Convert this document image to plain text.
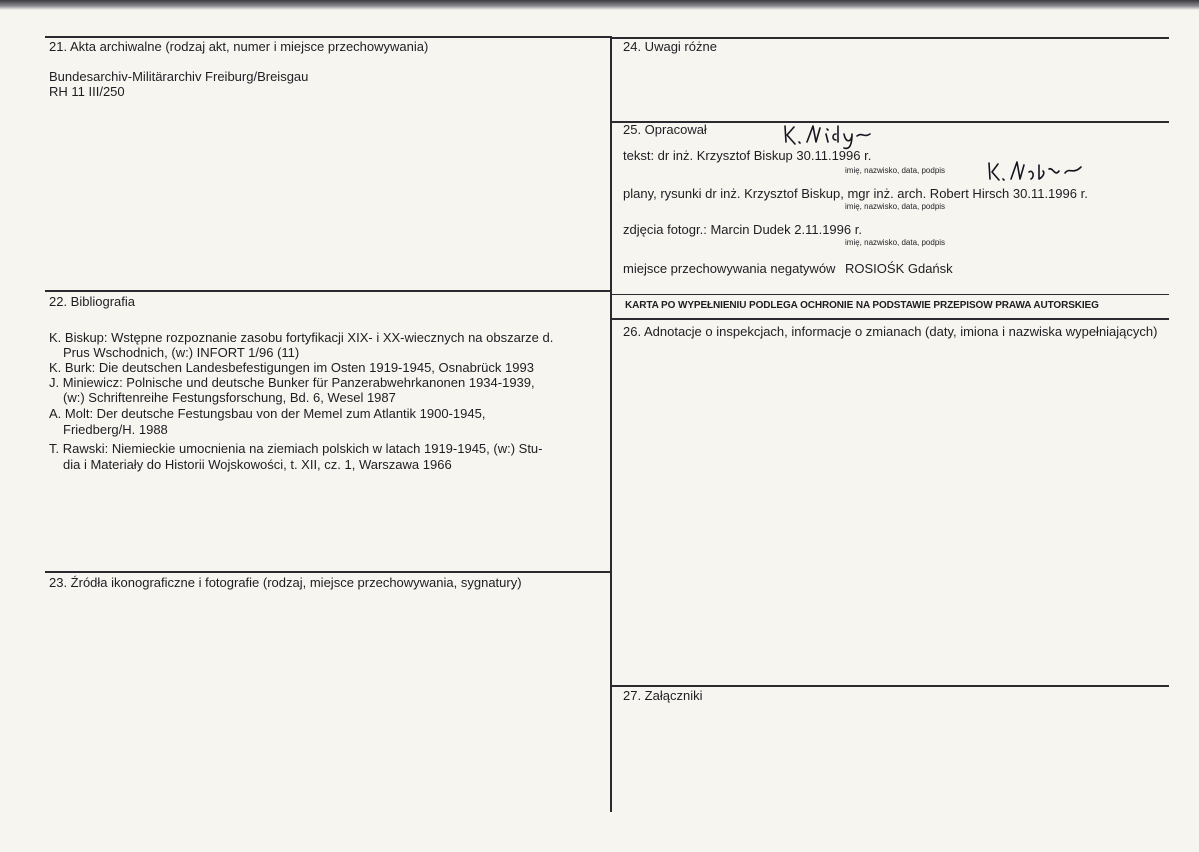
21. Akta archiwalne (rodzaj akt, numer i miejsce przechowywania)
Bundesarchiv-Militärarchiv Freiburg/Breisgau
RH 11 III/250
22. Bibliografia
K. Biskup: Wstępne rozpoznanie zasobu fortyfikacji XIX- i XX-wiecznych na obszarze d.
Prus Wschodnich, (w:) INFORT 1/96 (11)
K. Burk: Die deutschen Landesbefestigungen im Osten 1919-1945, Osnabrück 1993
J. Miniewicz: Polnische und deutsche Bunker für Panzerabwehrkanonen 1934-1939,
(w:) Schriftenreihe Festungsforschung, Bd. 6, Wesel 1987
A. Molt: Der deutsche Festungsbau von der Memel zum Atlantik 1900-1945,
Friedberg/H. 1988
T. Rawski: Niemieckie umocnienia na ziemiach polskich w latach 1919-1945, (w:) Stu-
dia i Materiały do Historii Wojskowości, t. XII, cz. 1, Warszawa 1966
23. Źródła ikonograficzne i fotografie (rodzaj, miejsce przechowywania, sygnatury)
24. Uwagi różne
25. Opracował
tekst: dr inż. Krzysztof Biskup 30.11.1996 r.
imię, nazwisko, data, podpis
plany, rysunki dr inż. Krzysztof Biskup, mgr inż. arch. Robert Hirsch 30.11.1996 r.
imię, nazwisko, data, podpis
zdjęcia fotogr.: Marcin Dudek 2.11.1996 r.
imię, nazwisko, data, podpis
miejsce przechowywania negatywów ROSIOŚK Gdańsk
KARTA PO WYPEŁNIENIU PODLEGA OCHRONIE NA PODSTAWIE PRZEPISÓW PRAWA AUTORSKIEG
26. Adnotacje o inspekcjach, informacje o zmianach (daty, imiona i nazwiska wypełniających)
27. Załączniki
